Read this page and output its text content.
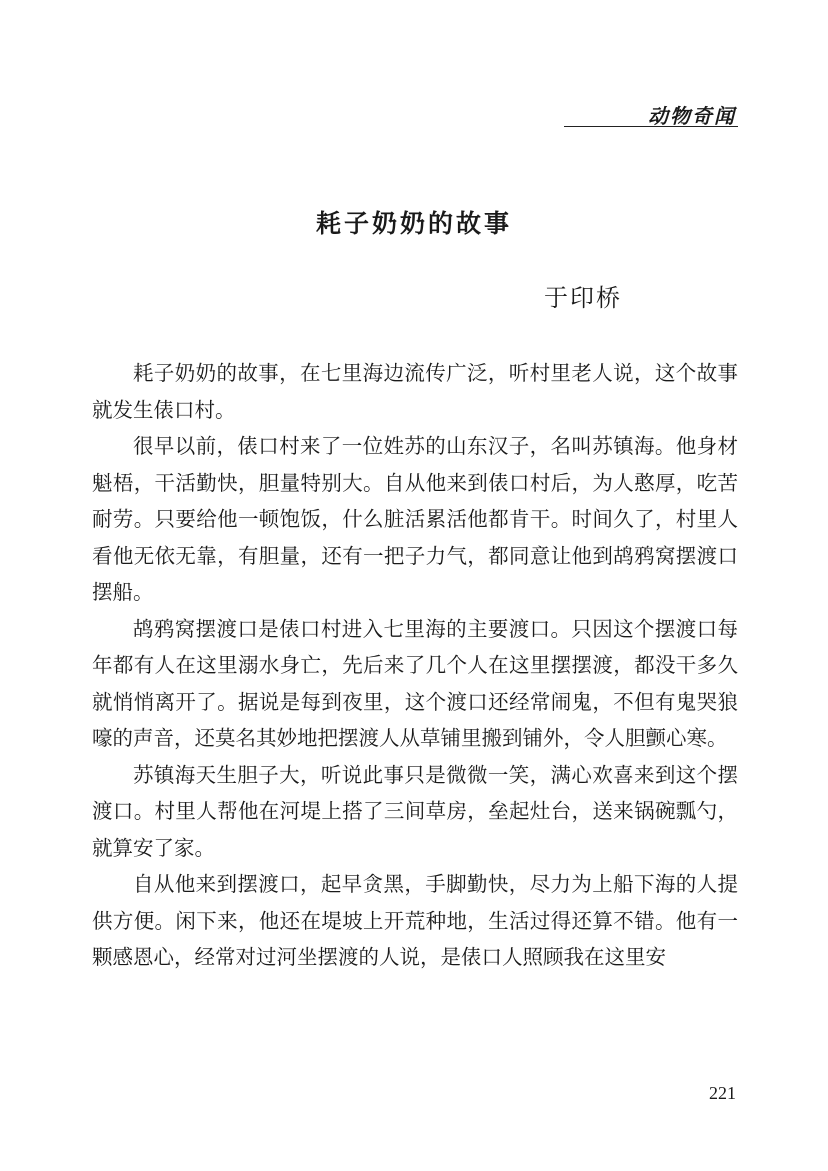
动物奇闻
耗子奶奶的故事
于印桥

耗子奶奶的故事，在七里海边流传广泛，听村里老人说，这个故事就发生俵口村。

很早以前，俵口村来了一位姓苏的山东汉子，名叫苏镇海。他身材魁梧，干活勤快，胆量特别大。自从他来到俵口村后，为人憨厚，吃苦耐劳。只要给他一顿饱饭，什么脏活累活他都肯干。时间久了，村里人看他无依无靠，有胆量，还有一把子力气，都同意让他到鸪鸦窝摆渡口摆船。

鸪鸦窝摆渡口是俵口村进入七里海的主要渡口。只因这个摆渡口每年都有人在这里溺水身亡，先后来了几个人在这里摆摆渡，都没干多久就悄悄离开了。据说是每到夜里，这个渡口还经常闹鬼，不但有鬼哭狼嚎的声音，还莫名其妙地把摆渡人从草铺里搬到铺外，令人胆颤心寒。

苏镇海天生胆子大，听说此事只是微微一笑，满心欢喜来到这个摆渡口。村里人帮他在河堤上搭了三间草房，垒起灶台，送来锅碗瓢勺，就算安了家。

自从他来到摆渡口，起早贪黑，手脚勤快，尽力为上船下海的人提供方便。闲下来，他还在堤坡上开荒种地，生活过得还算不错。他有一颗感恩心，经常对过河坐摆渡的人说，是俵口人照顾我在这里安

221
